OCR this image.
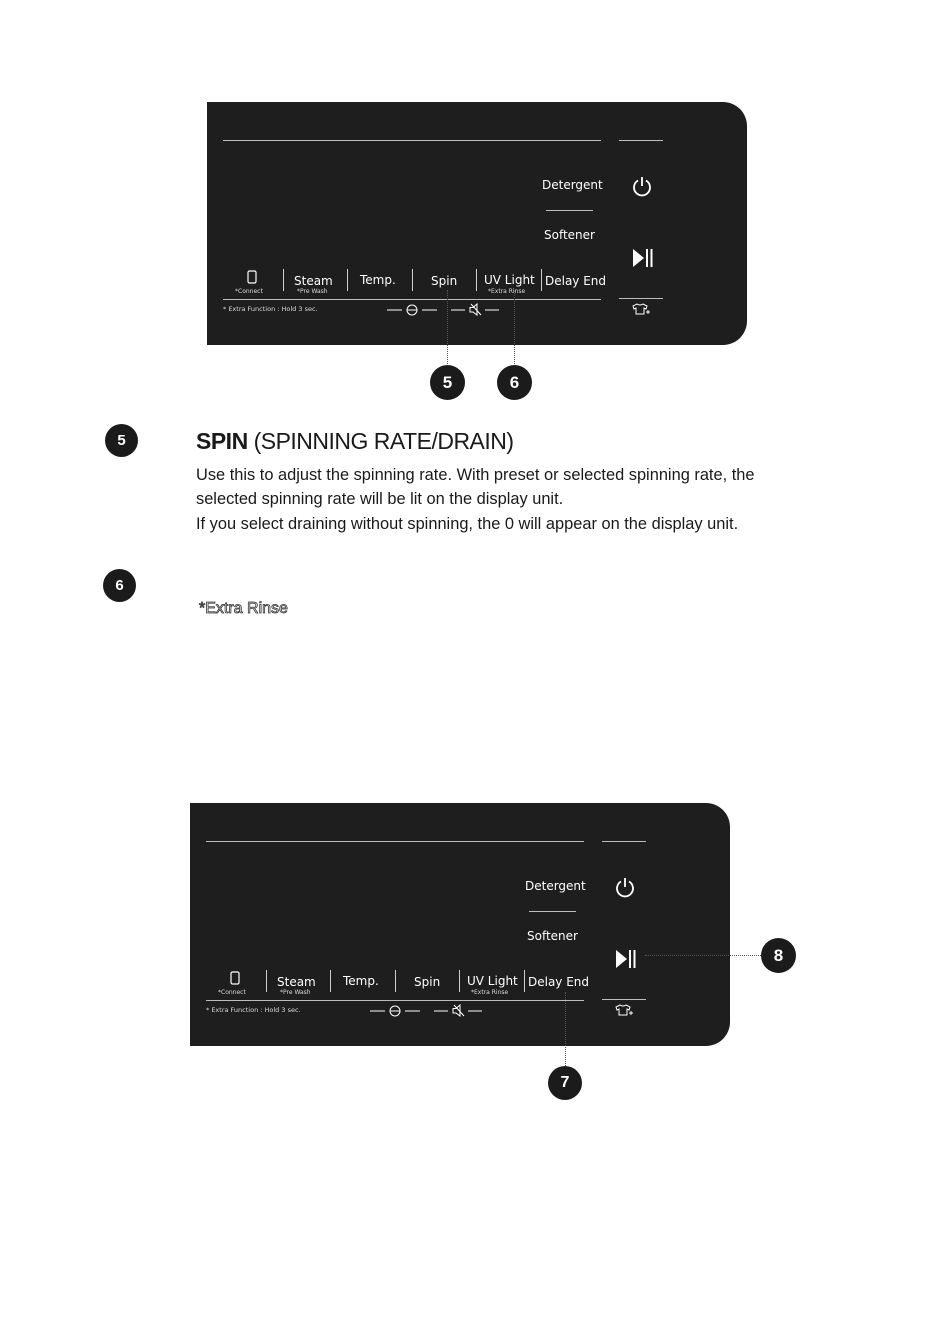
Detergent
Softener
*Connect
Steam
*Pre Wash
Temp.	Spin UV Light
*Extra Rinse
Delay End
* Extra Function : Hold 3 sec.
5	6
5	SPIN (SPINNING RATE/DRAIN)

Use this to adjust the spinning rate. With preset or selected spinning rate, the selected spinning rate will be lit on the display unit.

If you select draining without spinning, the 0 will appear on the display unit.

6
*Extra Rinse
Detergent
Softener
*Connect
Steam
*Pre Wash
Temp.	Spin UV Light
*Extra Rinse
Delay End
* Extra Function : Hold 3 sec.
7
8
